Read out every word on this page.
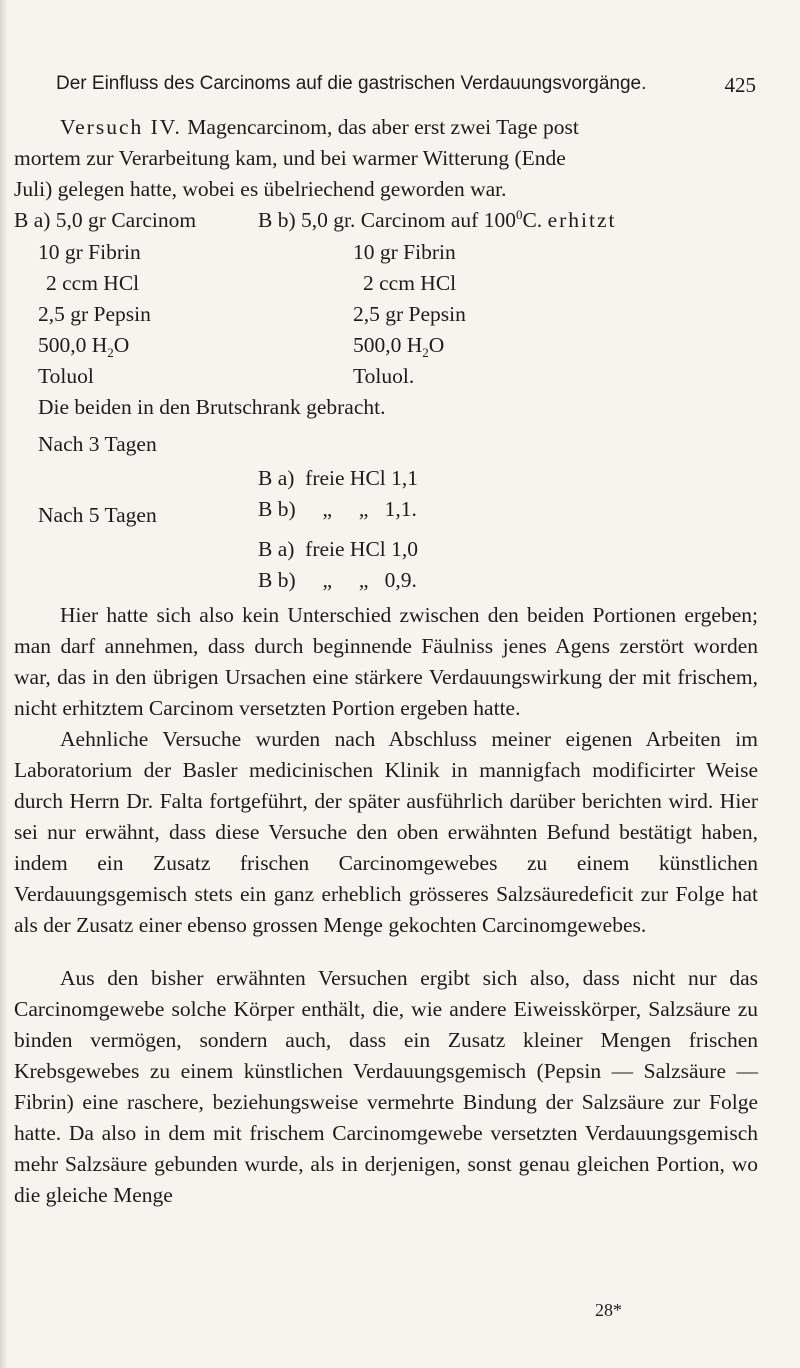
Der Einfluss des Carcinoms auf die gastrischen Verdauungsvorgänge.	425
Versuch IV. Magencarcinom, das aber erst zwei Tage post
mortem zur Verarbeitung kam, und bei warmer Witterung (Ende
Juli) gelegen hatte, wobei es übelriechend geworden war.
B a) 5,0 gr Carcinom
10 gr Fibrin
2 ccm HCl
2,5 gr Pepsin
500,0 $H_2O$
Toluol
B b) 5,0 gr. Carcinom auf $100^0C$. erhitzt
10 gr Fibrin
2 ccm HCl
2,5 gr Pepsin
500,0 $H_2O$
Toluol.
Die beiden in den Brutschrank gebracht.
Nach 3 Tagen
B a)  freie HCl 1,1
B b)     „     „   1,1.
Nach 5 Tagen
B a)  freie HCl 1,0
B b)     „     „   0,9.

Hier hatte sich also kein Unterschied zwischen den beiden Portionen ergeben; man darf annehmen, dass durch beginnende Fäulniss jenes Agens zerstört worden war, das in den übrigen Ursachen eine stärkere Verdauungswirkung der mit frischem, nicht erhitztem Carcinom versetzten Portion ergeben hatte.

Aehnliche Versuche wurden nach Abschluss meiner eigenen Arbeiten im Laboratorium der Basler medicinischen Klinik in mannigfach modificirter Weise durch Herrn Dr. Falta fortgeführt, der später ausführlich darüber berichten wird. Hier sei nur erwähnt, dass diese Versuche den oben erwähnten Befund bestätigt haben, indem ein Zusatz frischen Carcinomgewebes zu einem künstlichen Verdauungsgemisch stets ein ganz erheblich grösseres Salzsäuredeficit zur Folge hat als der Zusatz einer ebenso grossen Menge gekochten Carcinomgewebes.

Aus den bisher erwähnten Versuchen ergibt sich also, dass nicht nur das Carcinomgewebe solche Körper enthält, die, wie andere Eiweisskörper, Salzsäure zu binden vermögen, sondern auch, dass ein Zusatz kleiner Mengen frischen Krebsgewebes zu einem künstlichen Verdauungsgemisch (Pepsin — Salzsäure — Fibrin) eine raschere, beziehungsweise vermehrte Bindung der Salzsäure zur Folge hatte. Da also in dem mit frischem Carcinomgewebe versetzten Verdauungsgemisch mehr Salzsäure gebunden wurde, als in derjenigen, sonst genau gleichen Portion, wo die gleiche Menge

28*
